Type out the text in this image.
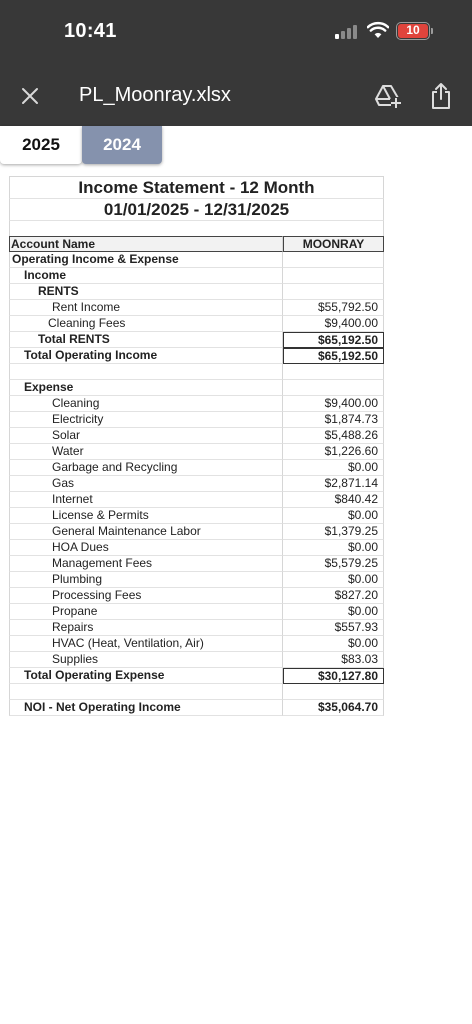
10:41	10
PL_Moonray.xlsx
2025	2024
Income Statement - 12 Month
01/01/2025 - 12/31/2025
Account Name	MOONRAY
Operating Income & Expense
Income
RENTS
Rent Income	$55,792.50
Cleaning Fees	$9,400.00
Total RENTS	$65,192.50
Total Operating Income	$65,192.50
Expense
Cleaning	$9,400.00
Electricity	$1,874.73
Solar	$5,488.26
Water	$1,226.60
Garbage and Recycling	$0.00
Gas	$2,871.14
Internet	$840.42
License & Permits	$0.00
General Maintenance Labor	$1,379.25
HOA Dues	$0.00
Management Fees	$5,579.25
Plumbing	$0.00
Processing Fees	$827.20
Propane	$0.00
Repairs	$557.93
HVAC (Heat, Ventilation, Air)	$0.00
Supplies	$83.03
Total Operating Expense	$30,127.80
NOI - Net Operating Income	$35,064.70
